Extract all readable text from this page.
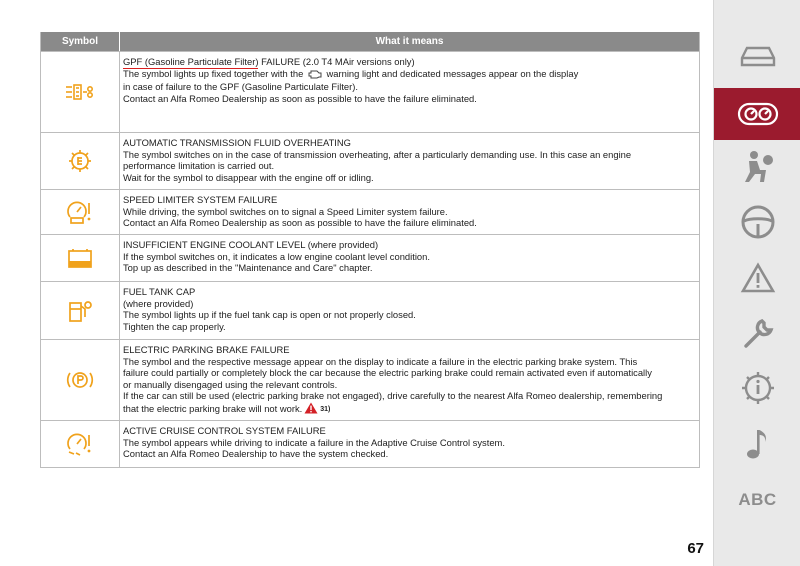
Symbol	What it means
GPF (Gasoline Particulate Filter) FAILURE (2.0 T4 MAir versions only)
The symbol lights up fixed together with the  warning light and dedicated messages appear on the display
in case of failure to the GPF (Gasoline Particulate Filter).
Contact an Alfa Romeo Dealership as soon as possible to have the failure eliminated.
AUTOMATIC TRANSMISSION FLUID OVERHEATING
The symbol switches on in the case of transmission overheating, after a particularly demanding use. In this case an engine
performance limitation is carried out.
Wait for the symbol to disappear with the engine off or idling.
SPEED LIMITER SYSTEM FAILURE
While driving, the symbol switches on to signal a Speed Limiter system failure.
Contact an Alfa Romeo Dealership as soon as possible to have the failure eliminated.
INSUFFICIENT ENGINE COOLANT LEVEL (where provided)
If the symbol switches on, it indicates a low engine coolant level condition.
Top up as described in the "Maintenance and Care" chapter.
FUEL TANK CAP
(where provided)
The symbol lights up if the fuel tank cap is open or not properly closed.
Tighten the cap properly.
ELECTRIC PARKING BRAKE FAILURE
The symbol and the respective message appear on the display to indicate a failure in the electric parking brake system. This
failure could partially or completely block the car because the electric parking brake could remain activated even if automatically
or manually disengaged using the relevant controls.
If the car can still be used (electric parking brake not engaged), drive carefully to the nearest Alfa Romeo dealership, remembering
that the electric parking brake will not work.	31)
ACTIVE CRUISE CONTROL SYSTEM FAILURE
The symbol appears while driving to indicate a failure in the Adaptive Cruise Control system.
Contact an Alfa Romeo Dealership to have the system checked.
67
ABC
